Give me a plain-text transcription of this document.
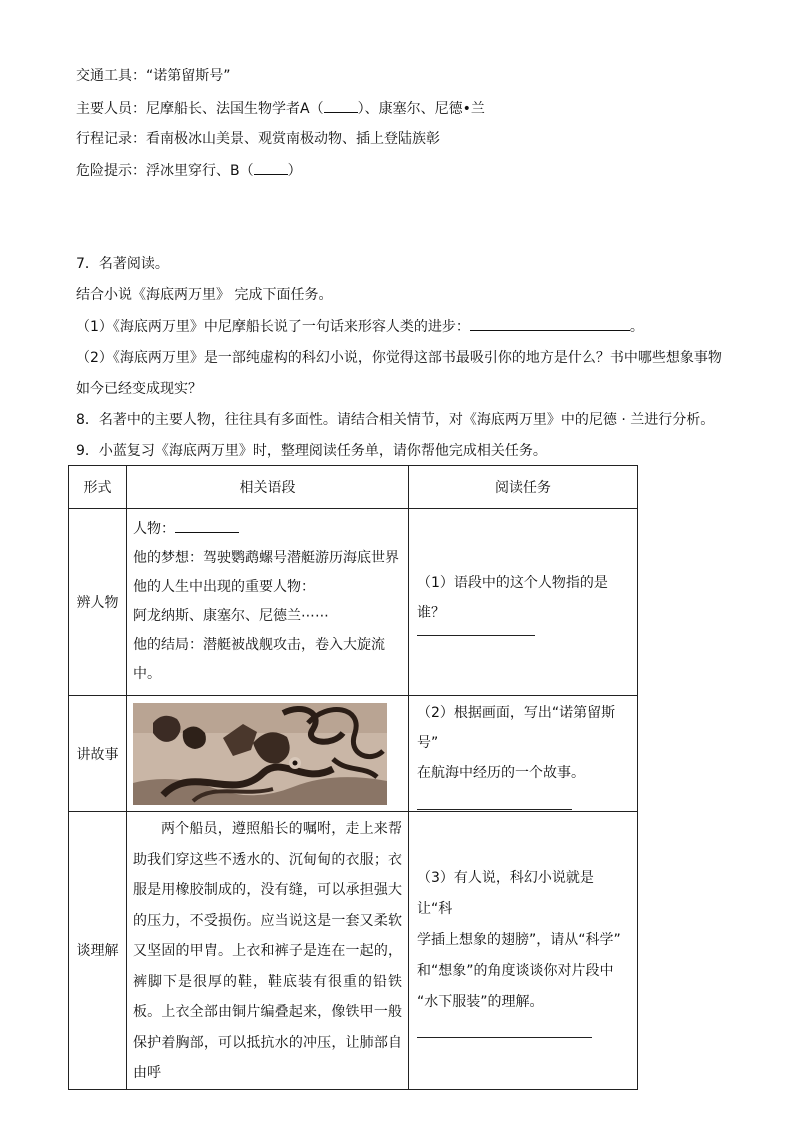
交通工具：“诺第留斯号”
主要人员：尼摩船长、法国生物学者A（ ）、康塞尔、尼德•兰
行程记录：看南极冰山美景、观赏南极动物、插上登陆族彰
危险提示：浮冰里穿行、B（ ）
7．名著阅读。
结合小说《海底两万里》 完成下面任务。
（1）《海底两万里》中尼摩船长说了一句话来形容人类的进步：	。
（2）《海底两万里》是一部纯虚构的科幻小说，你觉得这部书最吸引你的地方是什么？书中哪些想象事物
如今已经变成现实？
8．名著中的主要人物，往往具有多面性。请结合相关情节，对《海底两万里》中的尼德 · 兰进行分析。
9．小蓝复习《海底两万里》时，整理阅读任务单，请你帮他完成相关任务。
形式	相关语段	阅读任务
辨人物	人物：
他的梦想：驾驶鹦鹉螺号潜艇游历海底世界
他的人生中出现的重要人物：
阿龙纳斯、康塞尔、尼德兰⋯⋯
他的结局：潜艇被战舰攻击，卷入大旋流中。	（1）语段中的这个人物指的是谁？

讲故事		（2）根据画面，写出“诺第留斯号”
在航海中经历的一个故事。

谈理解	两个船员，遵照船长的嘱咐，走上来帮助我们穿这些不透水的、沉甸甸的衣服；衣服是用橡胶制成的，没有缝，可以承担强大的压力，不受损伤。应当说这是一套又柔软又坚固的甲胄。上衣和裤子是连在一起的，裤脚下是很厚的鞋，鞋底装有很重的铅铁板。上衣全部由铜片编叠起来，像铁甲一般保护着胸部，可以抵抗水的冲压，让肺部自由呼	（3）有人说，科幻小说就是让“科
学插上想象的翅膀”，请从“科学”
和“想象”的角度谈谈你对片段中
“水下服装”的理解。
